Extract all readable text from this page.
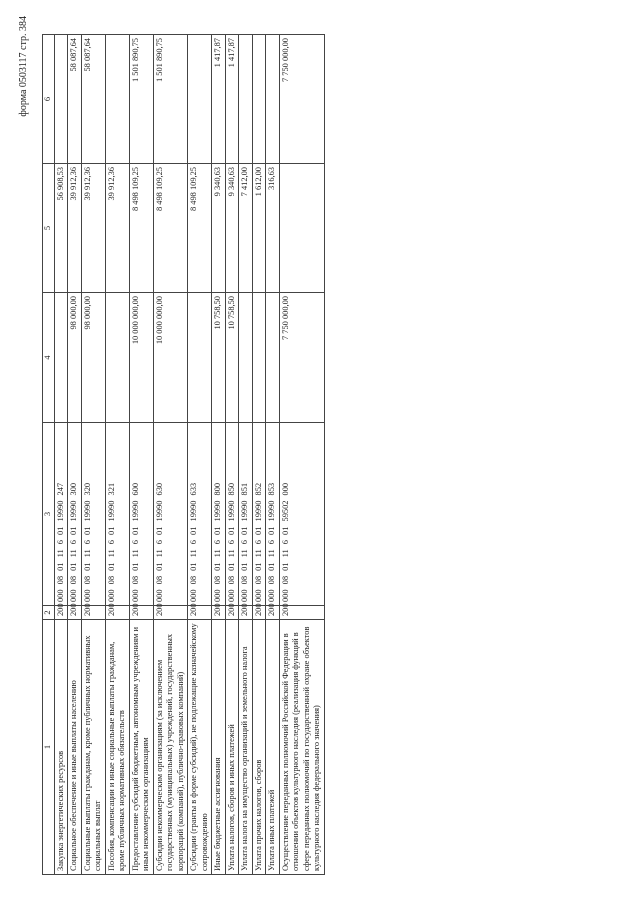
форма 0503117 стр. 384
1	2	3	4	5	6
Закупка энергетических ресурсов	200	000 08 01 11 6 01 19990 247		56 908,53	
Социальное обеспечение и иные выплаты населению	200	000 08 01 11 6 01 19990 300	98 000,00	39 912,36	58 087,64
Социальные выплаты гражданам, кроме публичных нормативных социальных выплат	200	000 08 01 11 6 01 19990 320	98 000,00	39 912,36	58 087,64
Пособия, компенсации и иные социальные выплаты гражданам, кроме публичных нормативных обязательств	200	000 08 01 11 6 01 19990 321		39 912,36	
Предоставление субсидий бюджетным, автономным учреждениям и иным некоммерческим организациям	200	000 08 01 11 6 01 19990 600	10 000 000,00	8 498 109,25	1 501 890,75
Субсидии некоммерческим организациям (за исключением государственных (муниципальных) учреждений, государственных корпораций (компаний), публично-правовых компаний)	200	000 08 01 11 6 01 19990 630	10 000 000,00	8 498 109,25	1 501 890,75
Субсидии (гранты в форме субсидий), не подлежащие казначейскому сопровождению	200	000 08 01 11 6 01 19990 633		8 498 109,25	
Иные бюджетные ассигнования	200	000 08 01 11 6 01 19990 800	10 758,50	9 340,63	1 417,87
Уплата налогов, сборов и иных платежей	200	000 08 01 11 6 01 19990 850	10 758,50	9 340,63	1 417,87
Уплата налога на имущество организаций и земельного налога	200	000 08 01 11 6 01 19990 851		7 412,00	
Уплата прочих налогов, сборов	200	000 08 01 11 6 01 19990 852		1 612,00	
Уплата иных платежей	200	000 08 01 11 6 01 19990 853		316,63	
Осуществление переданных полномочий Российской Федерации в отношении объектов культурного наследия (реализация функций в сфере переданных полномочий по государственной охране объектов культурного наследия федерального значения)	200	000 08 01 11 6 01 59502 000	7 750 000,00		7 750 000,00
